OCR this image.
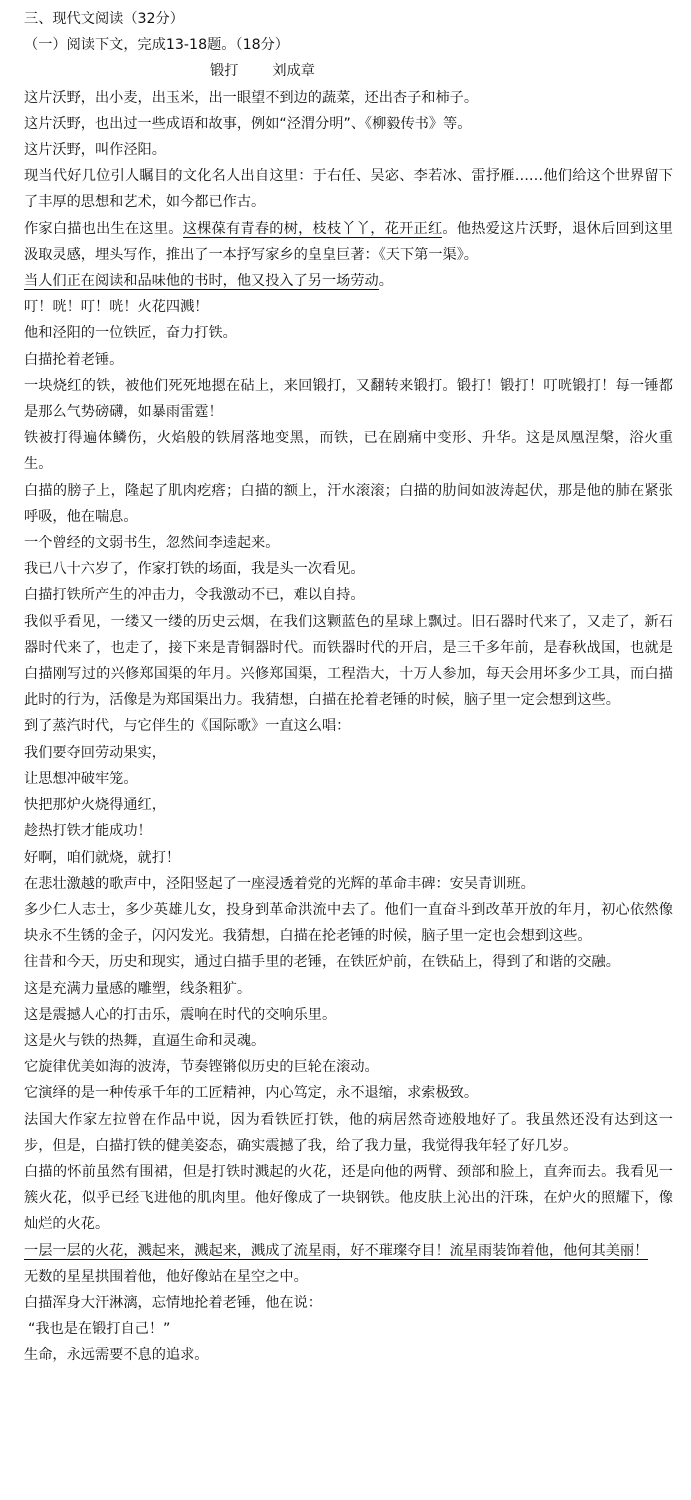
三、现代文阅读（32分）

（一）阅读下文，完成13-18题。（18分）

锻打 刘成章

这片沃野，出小麦，出玉米，出一眼望不到边的蔬菜，还出杏子和柿子。

这片沃野，也出过一些成语和故事，例如“泾渭分明”、《柳毅传书》等。

这片沃野，叫作泾阳。

现当代好几位引人瞩目的文化名人出自这里：于右任、吴宓、李若冰、雷抒雁……他们给这个世界留下了丰厚的思想和艺术，如今都已作古。

作家白描也出生在这里。这棵葆有青春的树，枝枝丫丫，花开正红。他热爱这片沃野，退休后回到这里汲取灵感，埋头写作，推出了一本抒写家乡的皇皇巨著：《天下第一渠》。

当人们正在阅读和品味他的书时，他又投入了另一场劳动。

叮！咣！叮！咣！火花四溅！

他和泾阳的一位铁匠，奋力打铁。

白描抡着老锤。

一块烧红的铁，被他们死死地摁在砧上，来回锻打，又翻转来锻打。锻打！锻打！叮咣锻打！每一锤都是那么气势磅礴，如暴雨雷霆！

铁被打得遍体鳞伤，火焰般的铁屑落地变黑，而铁，已在剧痛中变形、升华。这是凤凰涅槃，浴火重生。

白描的膀子上，隆起了肌肉疙瘩；白描的额上，汗水滚滚；白描的肋间如波涛起伏，那是他的肺在紧张呼吸，他在喘息。

一个曾经的文弱书生，忽然间李逵起来。

我已八十六岁了，作家打铁的场面，我是头一次看见。

白描打铁所产生的冲击力，令我激动不已，难以自持。

我似乎看见，一缕又一缕的历史云烟，在我们这颗蓝色的星球上飘过。旧石器时代来了，又走了，新石器时代来了，也走了，接下来是青铜器时代。而铁器时代的开启，是三千多年前，是春秋战国，也就是白描刚写过的兴修郑国渠的年月。兴修郑国渠，工程浩大，十万人参加，每天会用坏多少工具，而白描此时的行为，活像是为郑国渠出力。我猜想，白描在抡着老锤的时候，脑子里一定会想到这些。

到了蒸汽时代，与它伴生的《国际歌》一直这么唱：

我们要夺回劳动果实，

让思想冲破牢笼。

快把那炉火烧得通红，

趁热打铁才能成功！

好啊，咱们就烧，就打！

在悲壮激越的歌声中，泾阳竖起了一座浸透着党的光辉的革命丰碑：安吴青训班。

多少仁人志士，多少英雄儿女，投身到革命洪流中去了。他们一直奋斗到改革开放的年月，初心依然像块永不生锈的金子，闪闪发光。我猜想，白描在抡老锤的时候，脑子里一定也会想到这些。

往昔和今天，历史和现实，通过白描手里的老锤，在铁匠炉前，在铁砧上，得到了和谐的交融。

这是充满力量感的雕塑，线条粗犷。

这是震撼人心的打击乐，震响在时代的交响乐里。

这是火与铁的热舞，直逼生命和灵魂。

它旋律优美如海的波涛，节奏铿锵似历史的巨轮在滚动。

它演绎的是一种传承千年的工匠精神，内心笃定，永不退缩，求索极致。

法国大作家左拉曾在作品中说，因为看铁匠打铁，他的病居然奇迹般地好了。我虽然还没有达到这一步，但是，白描打铁的健美姿态，确实震撼了我，给了我力量，我觉得我年轻了好几岁。

白描的怀前虽然有围裙，但是打铁时溅起的火花，还是向他的两臂、颈部和脸上，直奔而去。我看见一簇火花，似乎已经飞进他的肌肉里。他好像成了一块钢铁。他皮肤上沁出的汗珠，在炉火的照耀下，像灿烂的火花。

一层一层的火花，溅起来，溅起来，溅成了流星雨，好不璀璨夺目！流星雨装饰着他，他何其美丽！

无数的星星拱围着他，他好像站在星空之中。

白描浑身大汗淋漓，忘情地抡着老锤，他在说：

“我也是在锻打自己！”

生命，永远需要不息的追求。
